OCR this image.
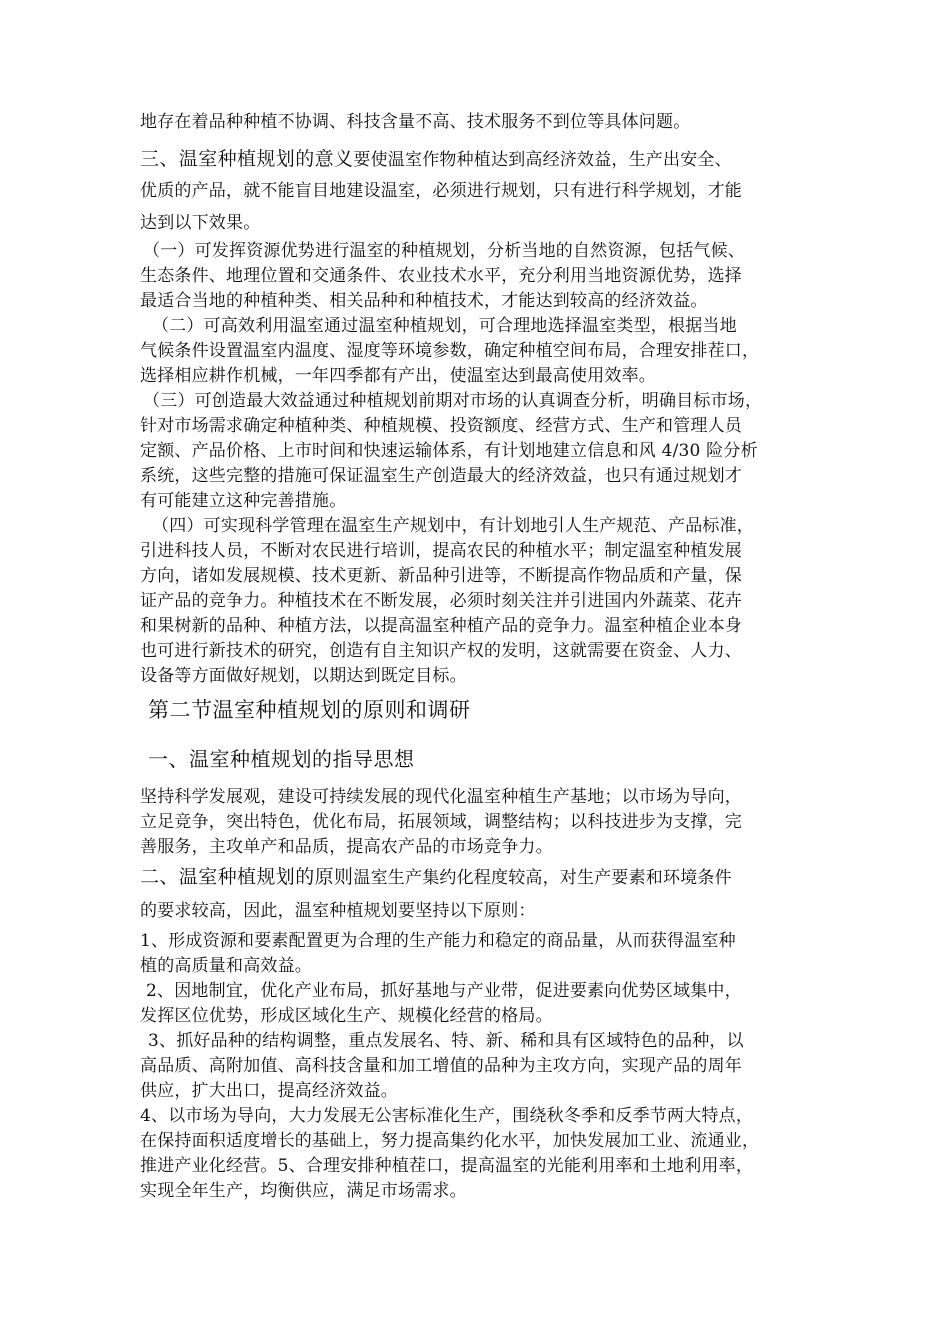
地存在着品种种植不协调、科技含量不高、技术服务不到位等具体问题。
三、温室种植规划的意义要使温室作物种植达到高经济效益，生产出安全、
优质的产品，就不能盲目地建设温室，必须进行规划，只有进行科学规划，才能
达到以下效果。
（一）可发挥资源优势进行温室的种植规划，分析当地的自然资源，包括气候、
生态条件、地理位置和交通条件、农业技术水平，充分利用当地资源优势，选择
最适合当地的种植种类、相关品种和种植技术，才能达到较高的经济效益。
（二）可高效利用温室通过温室种植规划，可合理地选择温室类型，根据当地
气候条件设置温室内温度、湿度等环境参数，确定种植空间布局，合理安排茬口，
选择相应耕作机械，一年四季都有产出，使温室达到最高使用效率。
（三）可创造最大效益通过种植规划前期对市场的认真调查分析，明确目标市场，
针对市场需求确定种植种类、种植规模、投资额度、经营方式、生产和管理人员
定额、产品价格、上市时间和快速运输体系，有计划地建立信息和风 4/30 险分析
系统，这些完整的措施可保证温室生产创造最大的经济效益，也只有通过规划才
有可能建立这种完善措施。
（四）可实现科学管理在温室生产规划中，有计划地引人生产规范、产品标准，
引进科技人员，不断对农民进行培训，提高农民的种植水平；制定温室种植发展
方向，诸如发展规模、技术更新、新品种引进等，不断提高作物品质和产量，保
证产品的竞争力。种植技术在不断发展，必须时刻关注并引进国内外蔬菜、花卉
和果树新的品种、种植方法，以提高温室种植产品的竞争力。温室种植企业本身
也可进行新技术的研究，创造有自主知识产权的发明，这就需要在资金、人力、
设备等方面做好规划，以期达到既定目标。
第二节温室种植规划的原则和调研
一、温室种植规划的指导思想
坚持科学发展观，建设可持续发展的现代化温室种植生产基地；以市场为导向，
立足竞争，突出特色，优化布局，拓展领域，调整结构；以科技进步为支撑，完
善服务，主攻单产和品质，提高农产品的市场竞争力。
二、温室种植规划的原则温室生产集约化程度较高，对生产要素和环境条件
的要求较高，因此，温室种植规划要坚持以下原则：
1、形成资源和要素配置更为合理的生产能力和稳定的商品量，从而获得温室种
植的高质量和高效益。
2、因地制宜，优化产业布局，抓好基地与产业带，促进要素向优势区域集中，
发挥区位优势，形成区域化生产、规模化经营的格局。
3、抓好品种的结构调整，重点发展名、特、新、稀和具有区域特色的品种，以
高品质、高附加值、高科技含量和加工增值的品种为主攻方向，实现产品的周年
供应，扩大出口，提高经济效益。
4、以市场为导向，大力发展无公害标准化生产，围绕秋冬季和反季节两大特点，
在保持面积适度增长的基础上，努力提高集约化水平，加快发展加工业、流通业，
推进产业化经营。5、合理安排种植茬口，提高温室的光能利用率和土地利用率，
实现全年生产，均衡供应，满足市场需求。
